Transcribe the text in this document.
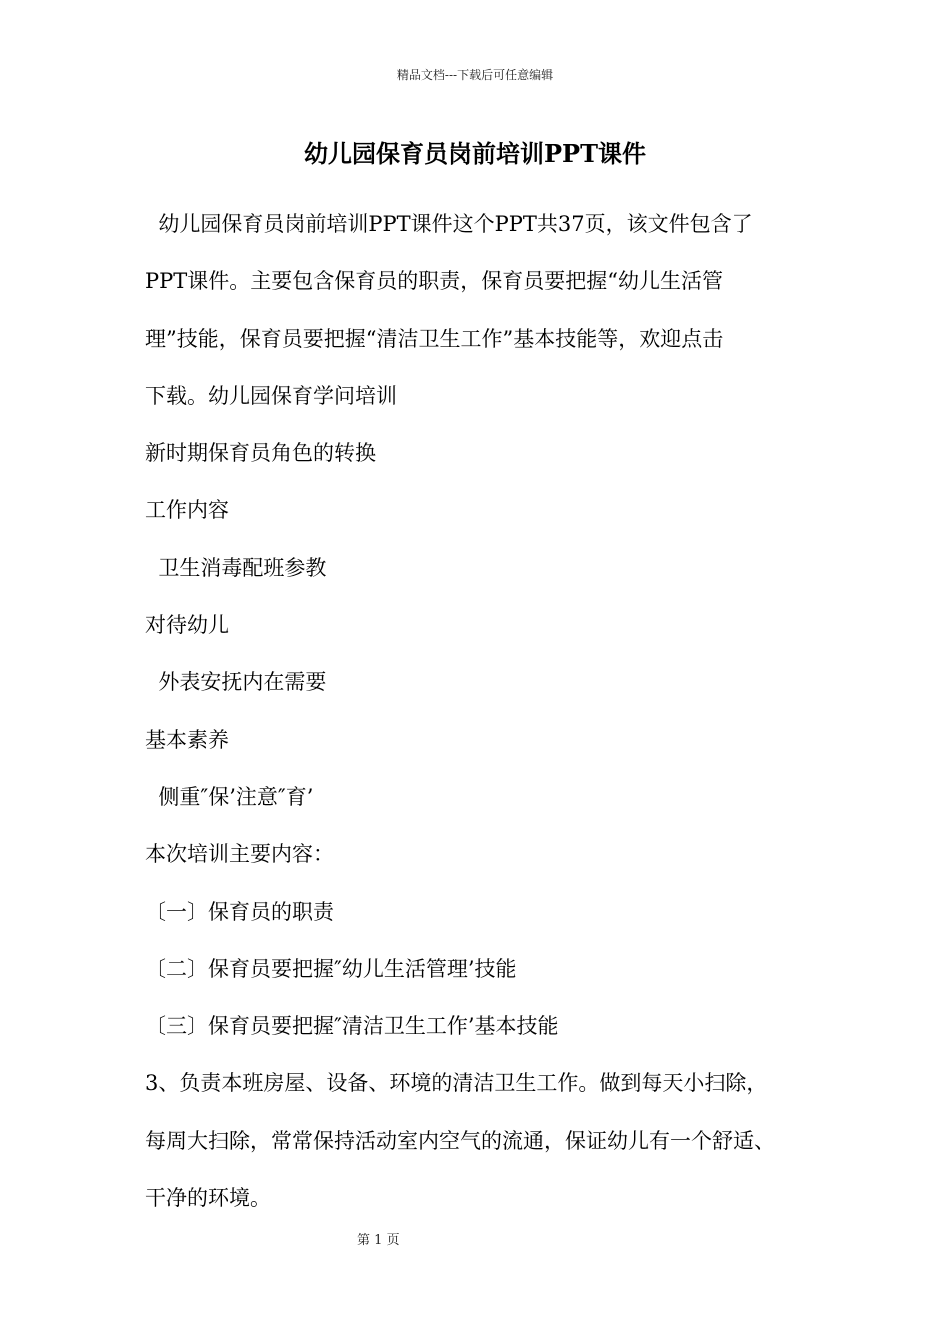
精品文档---下载后可任意编辑
幼儿园保育员岗前培训PPT课件
幼儿园保育员岗前培训PPT课件这个PPT共37页，该文件包含了
PPT课件。主要包含保育员的职责，保育员要把握“幼儿生活管
理”技能，保育员要把握“清洁卫生工作”基本技能等，欢迎点击
下载。幼儿园保育学问培训
新时期保育员角色的转换
工作内容
卫生消毒配班参教
对待幼儿
外表安抚内在需要
基本素养
侧重″保’注意″育’
本次培训主要内容：
〔一〕保育员的职责
〔二〕保育员要把握″幼儿生活管理’技能
〔三〕保育员要把握″清洁卫生工作’基本技能
3、负责本班房屋、设备、环境的清洁卫生工作。做到每天小扫除，
每周大扫除，常常保持活动室内空气的流通，保证幼儿有一个舒适、
干净的环境。
第 1 页
